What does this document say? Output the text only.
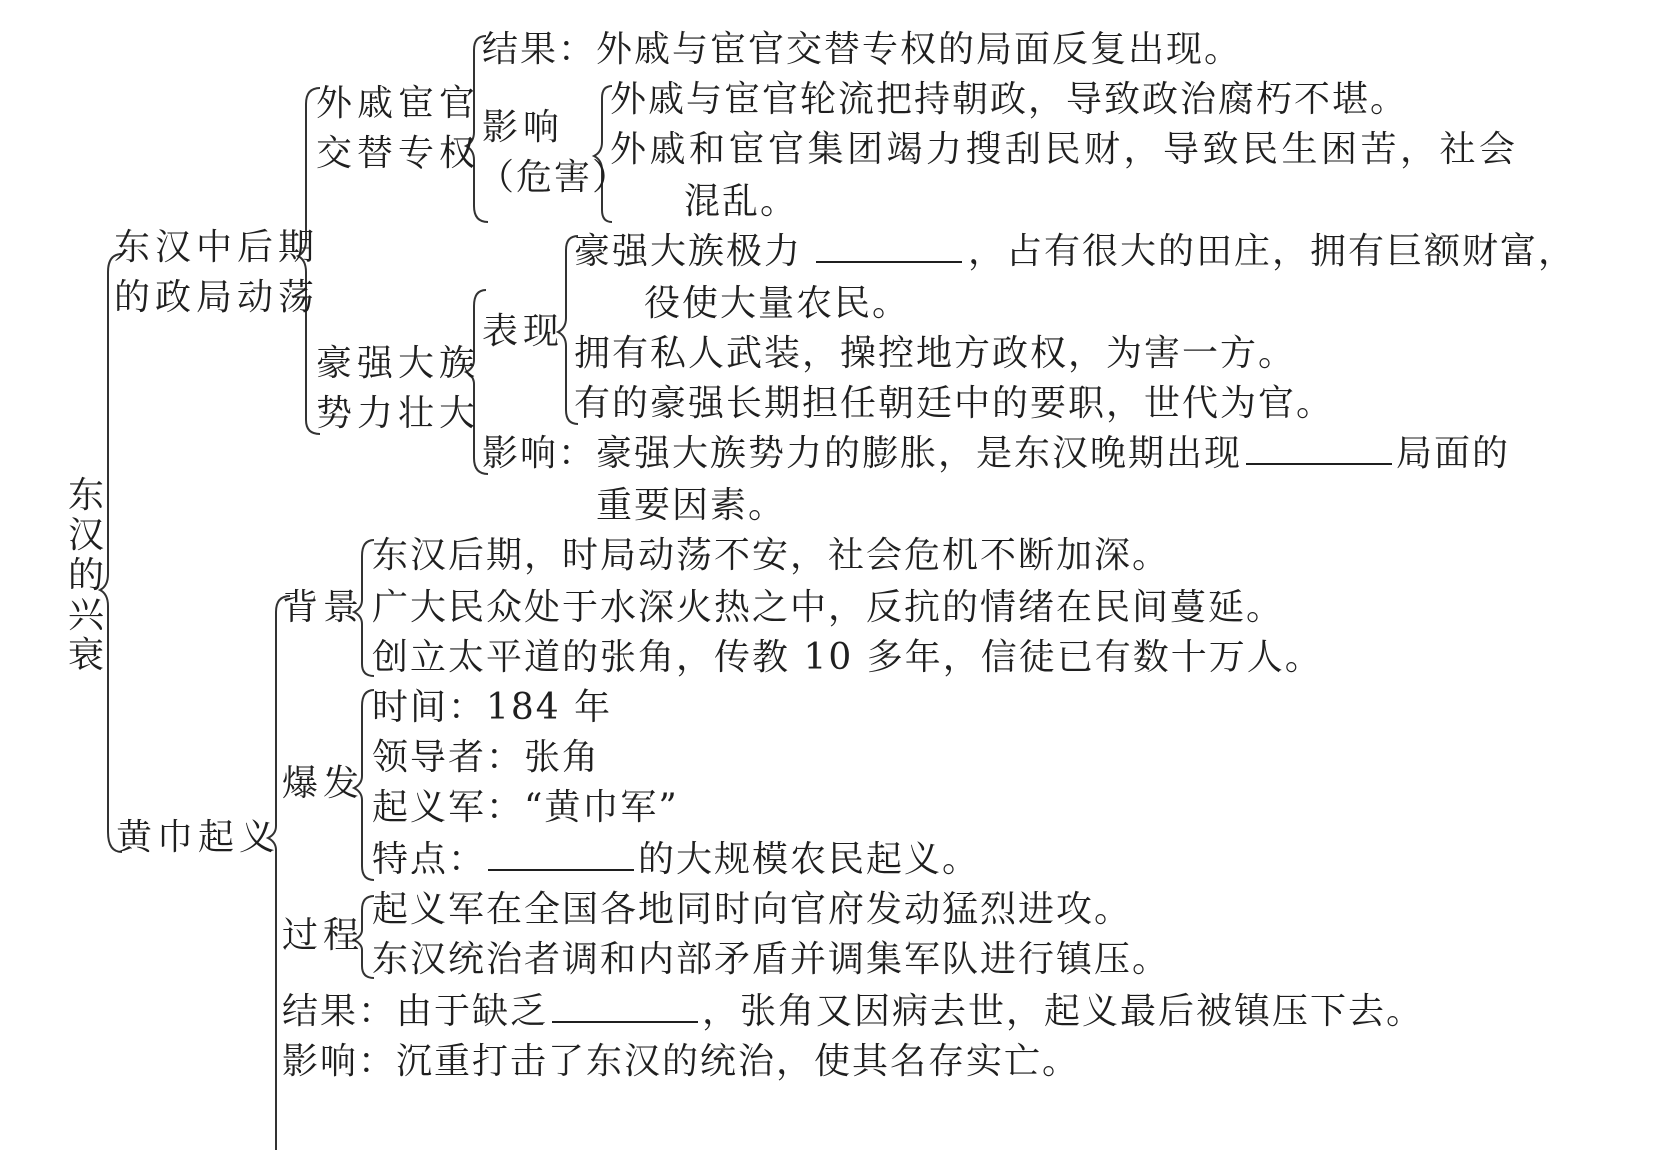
东汉的兴衰
东汉中后期
的政局动荡
外戚宦官
交替专权
结果：外戚与宦官交替专权的局面反复出现。
影响
（危害）
外戚与宦官轮流把持朝政，导致政治腐朽不堪。
外戚和宦官集团竭力搜刮民财，导致民生困苦，社会
混乱。
豪强大族
势力壮大
表现
豪强大族极力	，占有很大的田庄，拥有巨额财富，
役使大量农民。
拥有私人武装，操控地方政权，为害一方。
有的豪强长期担任朝廷中的要职，世代为官。
影响：豪强大族势力的膨胀，是东汉晚期出现	局面的
重要因素。
黄巾起义
背景
东汉后期，时局动荡不安，社会危机不断加深。
广大民众处于水深火热之中，反抗的情绪在民间蔓延。
创立太平道的张角，传教 10 多年，信徒已有数十万人。
爆发
时间：184 年
领导者：张角
起义军：“黄巾军”
特点：	的大规模农民起义。
过程
起义军在全国各地同时向官府发动猛烈进攻。
东汉统治者调和内部矛盾并调集军队进行镇压。
结果：由于缺乏	，张角又因病去世，起义最后被镇压下去。
影响：沉重打击了东汉的统治，使其名存实亡。
